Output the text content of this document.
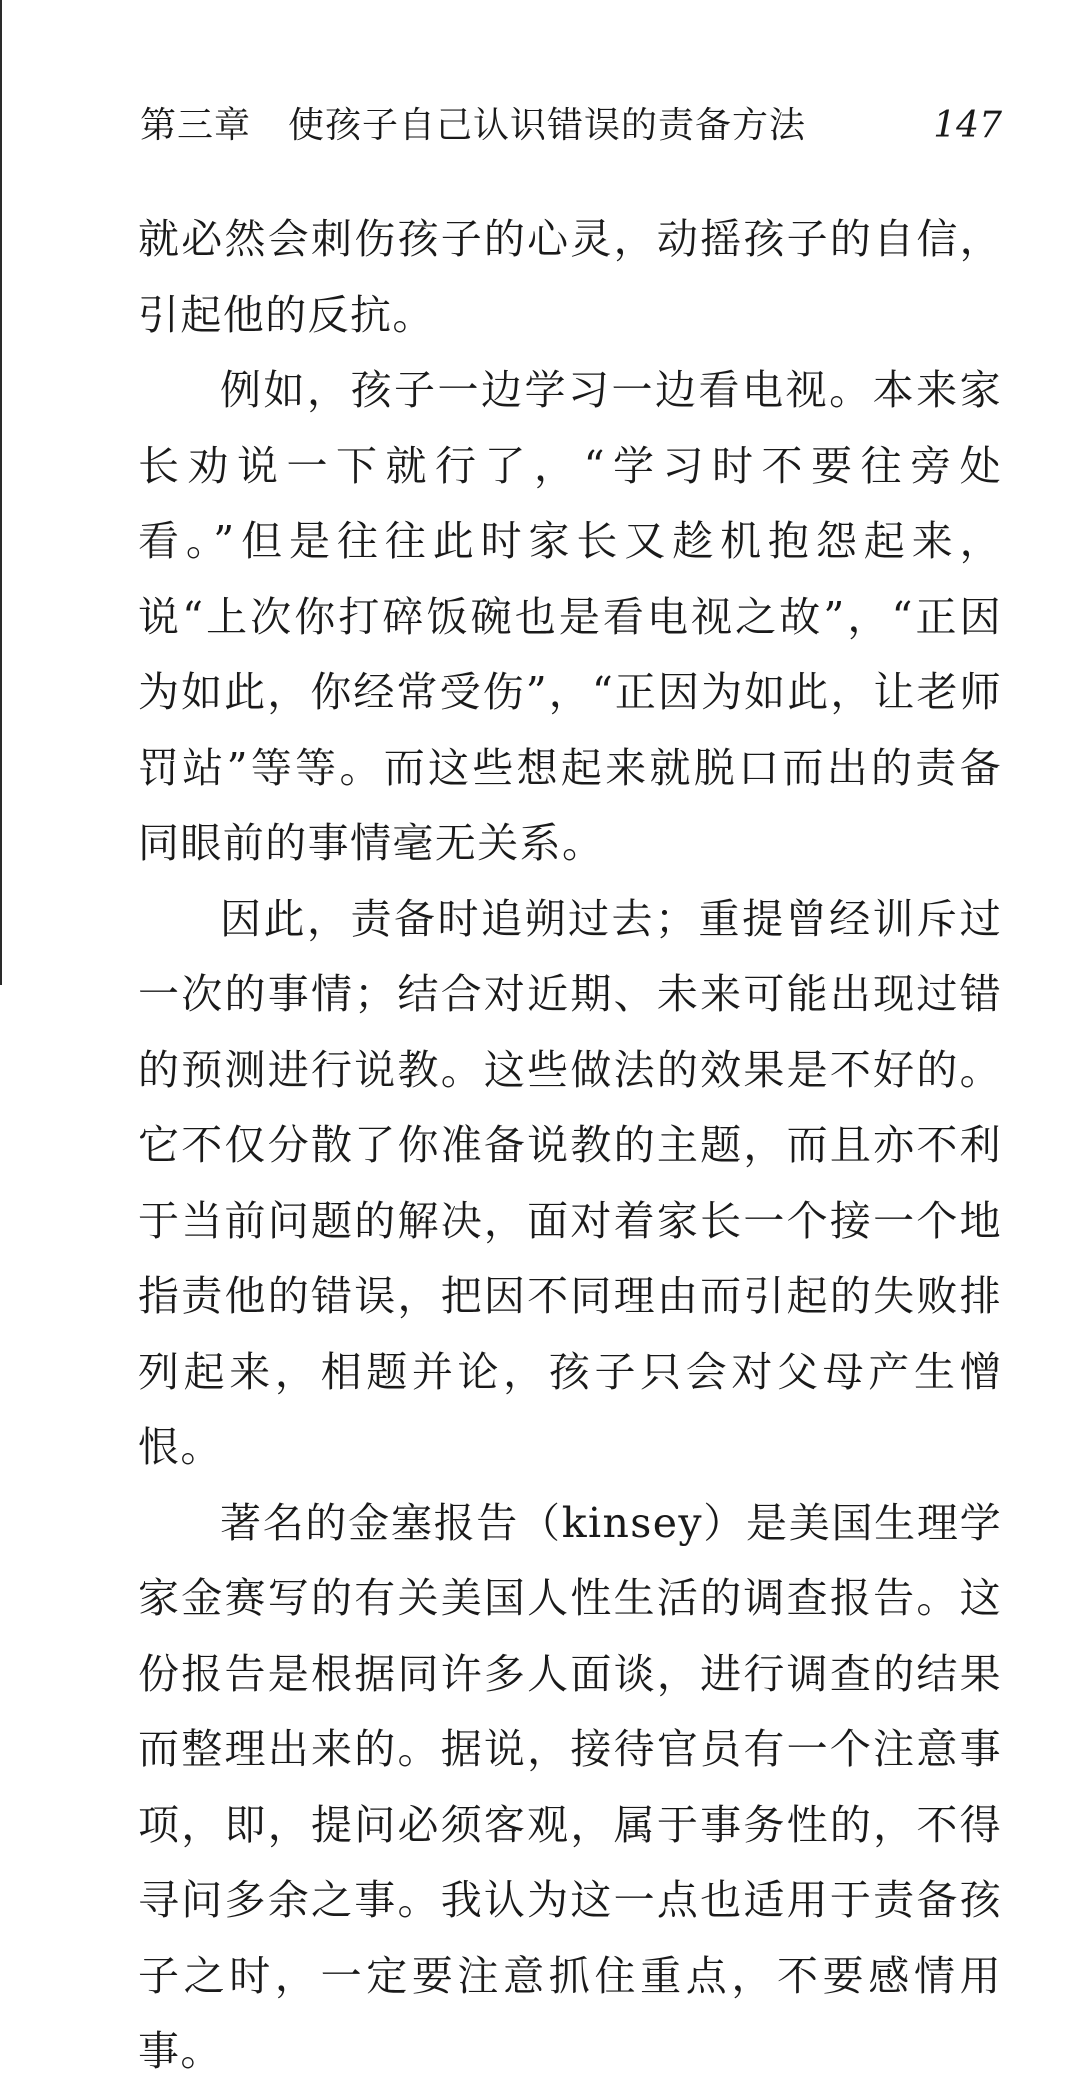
第三章　使孩子自己认识错误的责备方法	147

就必然会刺伤孩子的心灵，动摇孩子的自信，引起他的反抗。

例如，孩子一边学习一边看电视。本来家长劝说一下就行了，“学习时不要往旁处看。”但是往往此时家长又趁机抱怨起来，说“上次你打碎饭碗也是看电视之故”，“正因为如此，你经常受伤”，“正因为如此，让老师罚站”等等。而这些想起来就脱口而出的责备同眼前的事情毫无关系。

因此，责备时追朔过去；重提曾经训斥过一次的事情；结合对近期、未来可能出现过错的预测进行说教。这些做法的效果是不好的。它不仅分散了你准备说教的主题，而且亦不利于当前问题的解决，面对着家长一个接一个地指责他的错误，把因不同理由而引起的失败排列起来，相题并论，孩子只会对父母产生憎恨。

著名的金塞报告（kinsey）是美国生理学家金赛写的有关美国人性生活的调查报告。这份报告是根据同许多人面谈，进行调查的结果而整理出来的。据说，接待官员有一个注意事项，即，提问必须客观，属于事务性的，不得寻问多余之事。我认为这一点也适用于责备孩子之时，一定要注意抓住重点，不要感情用事。
